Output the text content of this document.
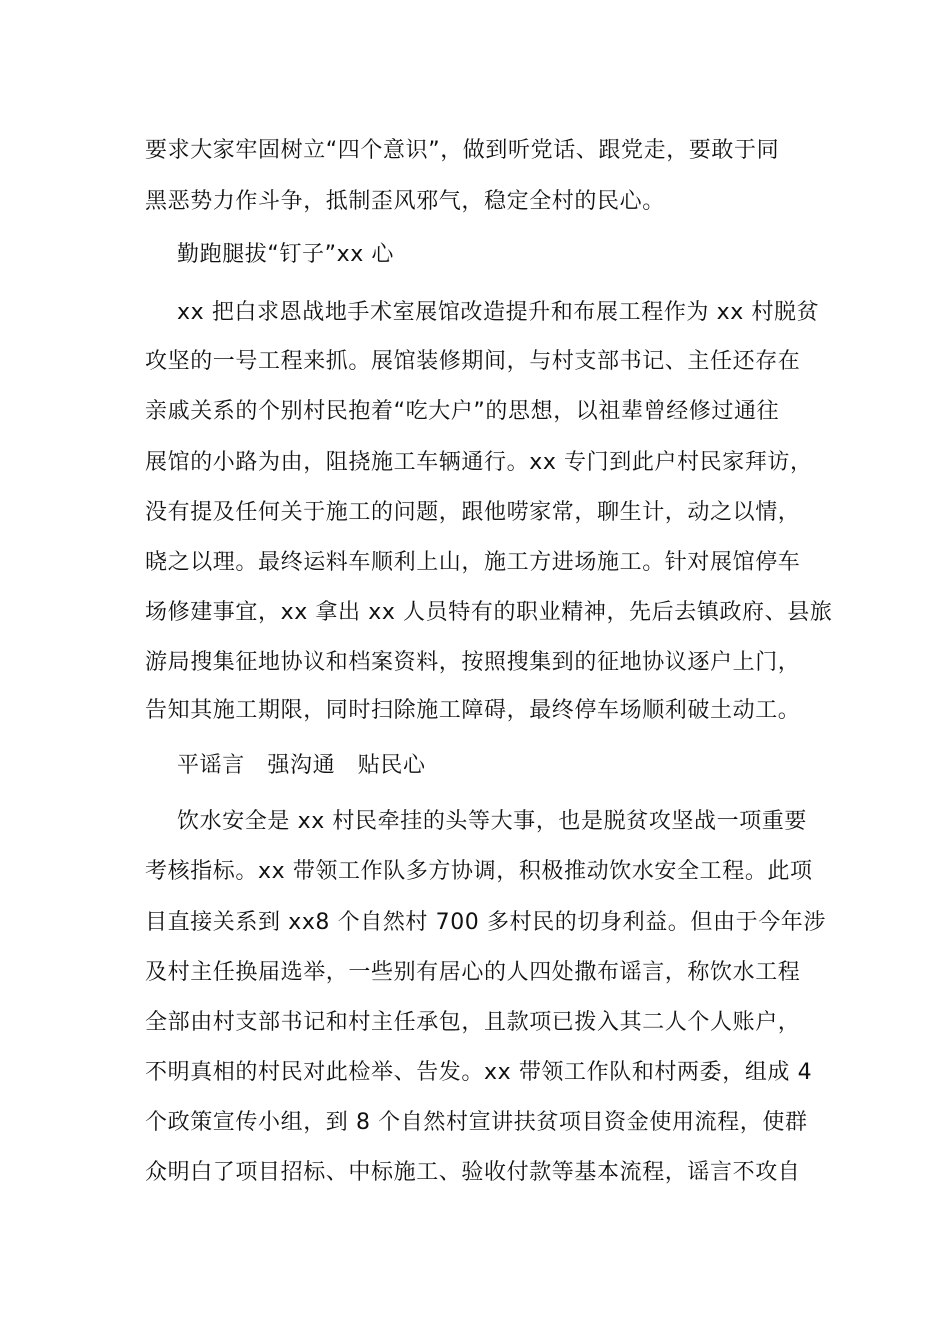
要求大家牢固树立“四个意识”，做到听党话、跟党走，要敢于同
黑恶势力作斗争，抵制歪风邪气，稳定全村的民心。
勤跑腿拔“钉子”xx 心
xx 把白求恩战地手术室展馆改造提升和布展工程作为 xx 村脱贫
攻坚的一号工程来抓。展馆装修期间，与村支部书记、主任还存在
亲戚关系的个别村民抱着“吃大户”的思想，以祖辈曾经修过通往
展馆的小路为由，阻挠施工车辆通行。xx 专门到此户村民家拜访，
没有提及任何关于施工的问题，跟他唠家常，聊生计，动之以情，
晓之以理。最终运料车顺利上山，施工方进场施工。针对展馆停车
场修建事宜，xx 拿出 xx 人员特有的职业精神，先后去镇政府、县旅
游局搜集征地协议和档案资料，按照搜集到的征地协议逐户上门，
告知其施工期限，同时扫除施工障碍，最终停车场顺利破土动工。
平谣言　强沟通　贴民心
饮水安全是 xx 村民牵挂的头等大事，也是脱贫攻坚战一项重要
考核指标。xx 带领工作队多方协调，积极推动饮水安全工程。此项
目直接关系到 xx8 个自然村 700 多村民的切身利益。但由于今年涉
及村主任换届选举，一些别有居心的人四处撒布谣言，称饮水工程
全部由村支部书记和村主任承包，且款项已拨入其二人个人账户，
不明真相的村民对此检举、告发。xx 带领工作队和村两委，组成 4
个政策宣传小组，到 8 个自然村宣讲扶贫项目资金使用流程，使群
众明白了项目招标、中标施工、验收付款等基本流程，谣言不攻自
